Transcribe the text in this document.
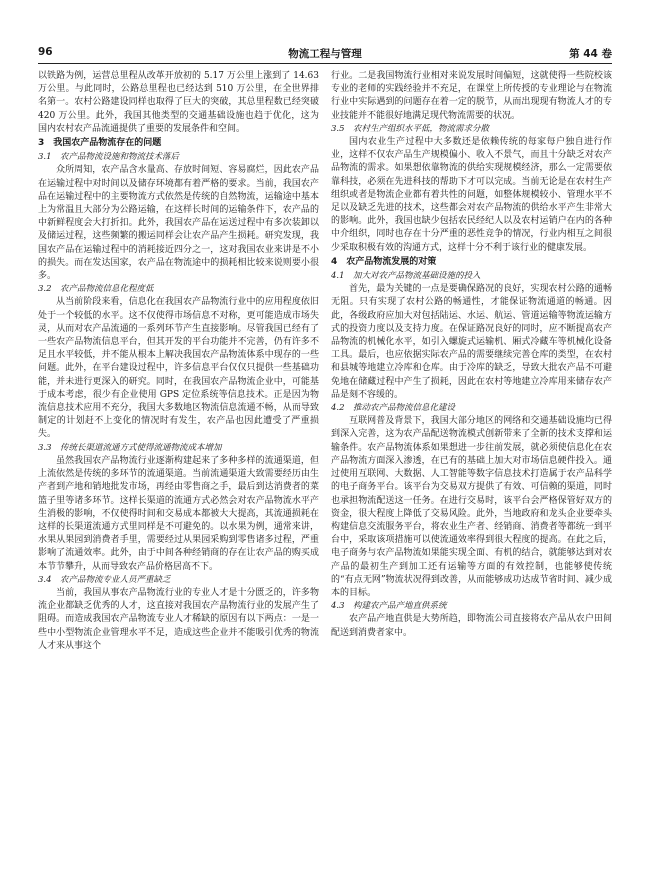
96	物流工程与管理	第 44 卷

以铁路为例，运营总里程从改革开放初的 5.17 万公里上涨到了 14.63 万公里。与此同时，公路总里程也已经达到 510 万公里，在全世界排名第一。农村公路建设同样也取得了巨大的突破，其总里程数已经突破 420 万公里。此外，我国其他类型的交通基础设施也趋于优化，这为国内农村农产品流通提供了重要的发展条件和空间。

3　我国农产品物流存在的问题
3.1　农产品物流设施和物流技术落后

众所周知，农产品含水量高、存放时间短、容易腐烂，因此农产品在运输过程中对时间以及储存环境都有着严格的要求。当前，我国农产品在运输过程中的主要物流方式依然是传统的自然物流，运输途中基本上为常温且大部分为公路运输，在这样长时间的运输条件下，农产品的中新鲜程度会大打折扣。此外，我国农产品在运送过程中有多次装卸以及储运过程，这些频繁的搬运同样会让农产品产生损耗。研究发现，我国农产品在运输过程中的消耗接近四分之一，这对我国农业来讲是不小的损失。而在发达国家，农产品在物流途中的损耗相比较来说则要小很多。

3.2　农产品物流信息化程度低

从当前阶段来看，信息化在我国农产品物流行业中的应用程度依旧处于一个较低的水平。这不仅使得市场信息不对称，更可能造成市场失灵，从而对农产品流通的一系列环节产生直接影响。尽管我国已经有了一些农产品物流信息平台，但其开发的平台功能并不完善，仍有许多不足且水平较低，并不能从根本上解决我国农产品物流体系中现存的一些问题。此外，在平台建设过程中，许多信息平台仅仅只提供一些基础功能，并未进行更深入的研究。同时，在我国农产品物流企业中，可能基于成本考虑，很少有企业使用 GPS 定位系统等信息技术。正是因为物流信息技术应用不充分，我国大多数地区物流信息流通不畅，从而导致制定的计划赶不上变化的情况时有发生，农产品也因此遭受了严重损失。

3.3　传统长渠道流通方式使得流通物流成本增加

虽然我国农产品物流行业逐渐构建起来了多种多样的流通渠道，但上流依然是传统的多环节的流通渠道。当前流通渠道大致需要经历由生产者到产地和销地批发市场，再经由零售商之手，最后到达消费者的菜篮子里等诸多环节。这样长渠道的流通方式必然会对农产品物流水平产生消极的影响，不仅使得时间和交易成本都被大大提高，其流通损耗在这样的长渠道流通方式里同样是不可避免的。以水果为例，通常来讲，水果从果园到消费者手里，需要经过从果园采购到零售诸多过程，严重影响了流通效率。此外，由于中间各种经销商的存在让农产品的购买成本节节攀升，从而导致农产品价格居高不下。

3.4　农产品物流专业人员严重缺乏

当前，我国从事农产品物流行业的专业人才是十分匮乏的，许多物流企业都缺乏优秀的人才，这直接对我国农产品物流行业的发展产生了阻碍。而造成我国农产品物流专业人才稀缺的原因有以下两点：一是一些中小型物流企业管理水平不足，造成这些企业并不能吸引优秀的物流人才来从事这个

行业。二是我国物流行业相对来说发展时间偏短，这就使得一些院校该专业的老师的实践经验并不充足，在课堂上所传授的专业理论与在物流行业中实际遇到的问题存在着一定的脱节，从而出现现有物流人才的专业技能并不能很好地满足现代物流需要的状况。

3.5　农村生产组织水平低，物流需求分散

国内农业生产过程中大多数还是依赖传统的每家每户独自进行作业，这样不仅农产品生产规模偏小、收入不景气，而且十分缺乏对农产品物流的需求。如果想依靠物流的供给实现规模经济，那么一定需要依靠科技，必须在先进科技的帮助下才可以完成。当前无论是在农村生产组织或者是物流企业都有着共性的问题，如整体规模较小、管理水平不足以及缺乏先进的技术，这些都会对农产品物流的供给水平产生非常大的影响。此外，我国也缺少包括农民经纪人以及农村运销户在内的各种中介组织，同时也存在十分严重的恶性竞争的情况，行业内相互之间很少采取积极有效的沟通方式，这样十分不利于该行业的健康发展。

4　农产品物流发展的对策
4.1　加大对农产品物流基础设施的投入

首先，最为关键的一点是要确保路况的良好，实现农村公路的通畅无阻。只有实现了农村公路的畅通性，才能保证物流通道的畅通。因此，各级政府应加大对包括陆运、水运、航运、管道运输等物流运输方式的投资力度以及支持力度。在保证路况良好的同时，应不断提高农产品物流的机械化水平，如引入螺旋式运输机、厢式冷藏车等机械化设备工具。最后，也应依据实际农产品的需要继续完善仓库的类型，在农村和县城等地建立冷库和仓库。由于冷库的缺乏，导致大批农产品不可避免地在储藏过程中产生了损耗，因此在农村等地建立冷库用来储存农产品是刻不容缓的。

4.2　推动农产品物流信息化建设

互联网普及背景下，我国大部分地区的网络和交通基础设施均已得到深入完善，这为农产品配送物流模式创新带来了全新的技术支撑和运输条件。农产品物流体系如果想进一步往前发展，就必须使信息化在农产品物流方面深入渗透，在已有的基础上加大对市场信息硬件投入。通过使用互联网、大数据、人工智能等数字信息技术打造属于农产品科学的电子商务平台。该平台为交易双方提供了有效、可信赖的渠道，同时也承担物流配送这一任务。在进行交易时，该平台会严格保管好双方的资金，很大程度上降低了交易风险。此外，当地政府和龙头企业要牵头构建信息交流服务平台，将农业生产者、经销商、消费者等都统一到平台中，采取该项措施可以使流通效率得到很大程度的提高。在此之后，电子商务与农产品物流如果能实现全面、有机的结合，就能够达到对农产品的最初生产到加工还有运输等方面的有效控制，也能够使传统的“有点无网”物流状况得到改善，从而能够成功达成节省时间、减少成本的目标。

4.3　构建农产品产地直供系统

农产品产地直供是大势所趋，即物流公司直接将农产品从农户田间配送到消费者家中。
